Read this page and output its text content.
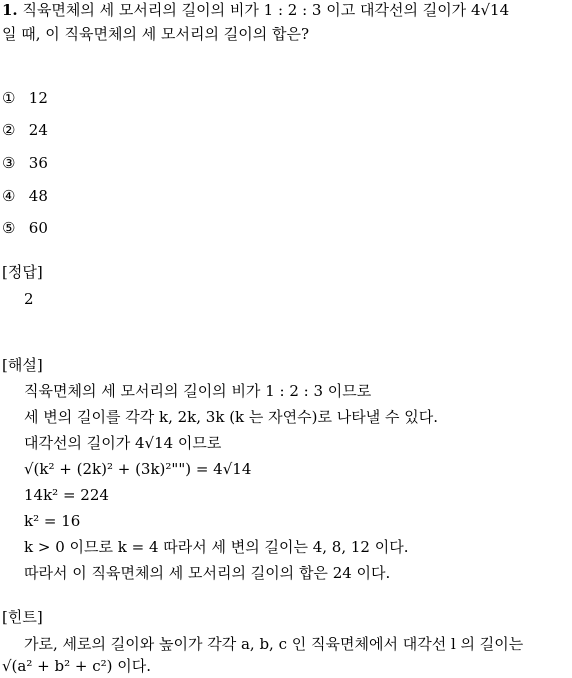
1. 직육면체의 세 모서리의 길이의 비가 1 : 2 : 3 이고 대각선의 길이가 4√14
일 때, 이 직육면체의 세 모서리의 길이의 합은?
① 12
② 24
③ 36
④ 48
⑤ 60
[정답]
2
[해설]
직육면체의 세 모서리의 길이의 비가 1 : 2 : 3 이므로
세 변의 길이를 각각 k, 2k, 3k (k 는 자연수)로 나타낼 수 있다.
대각선의 길이가 4√14 이므로
√(k² + (2k)² + (3k)²"") = 4√14
14k² = 224
k² = 16
k > 0 이므로 k = 4 따라서 세 변의 길이는 4, 8, 12 이다.
따라서 이 직육면체의 세 모서리의 길이의 합은 24 이다.
[힌트]
가로, 세로의 길이와 높이가 각각 a, b, c 인 직육면체에서 대각선 l 의 길이는
√(a² + b² + c²) 이다.
